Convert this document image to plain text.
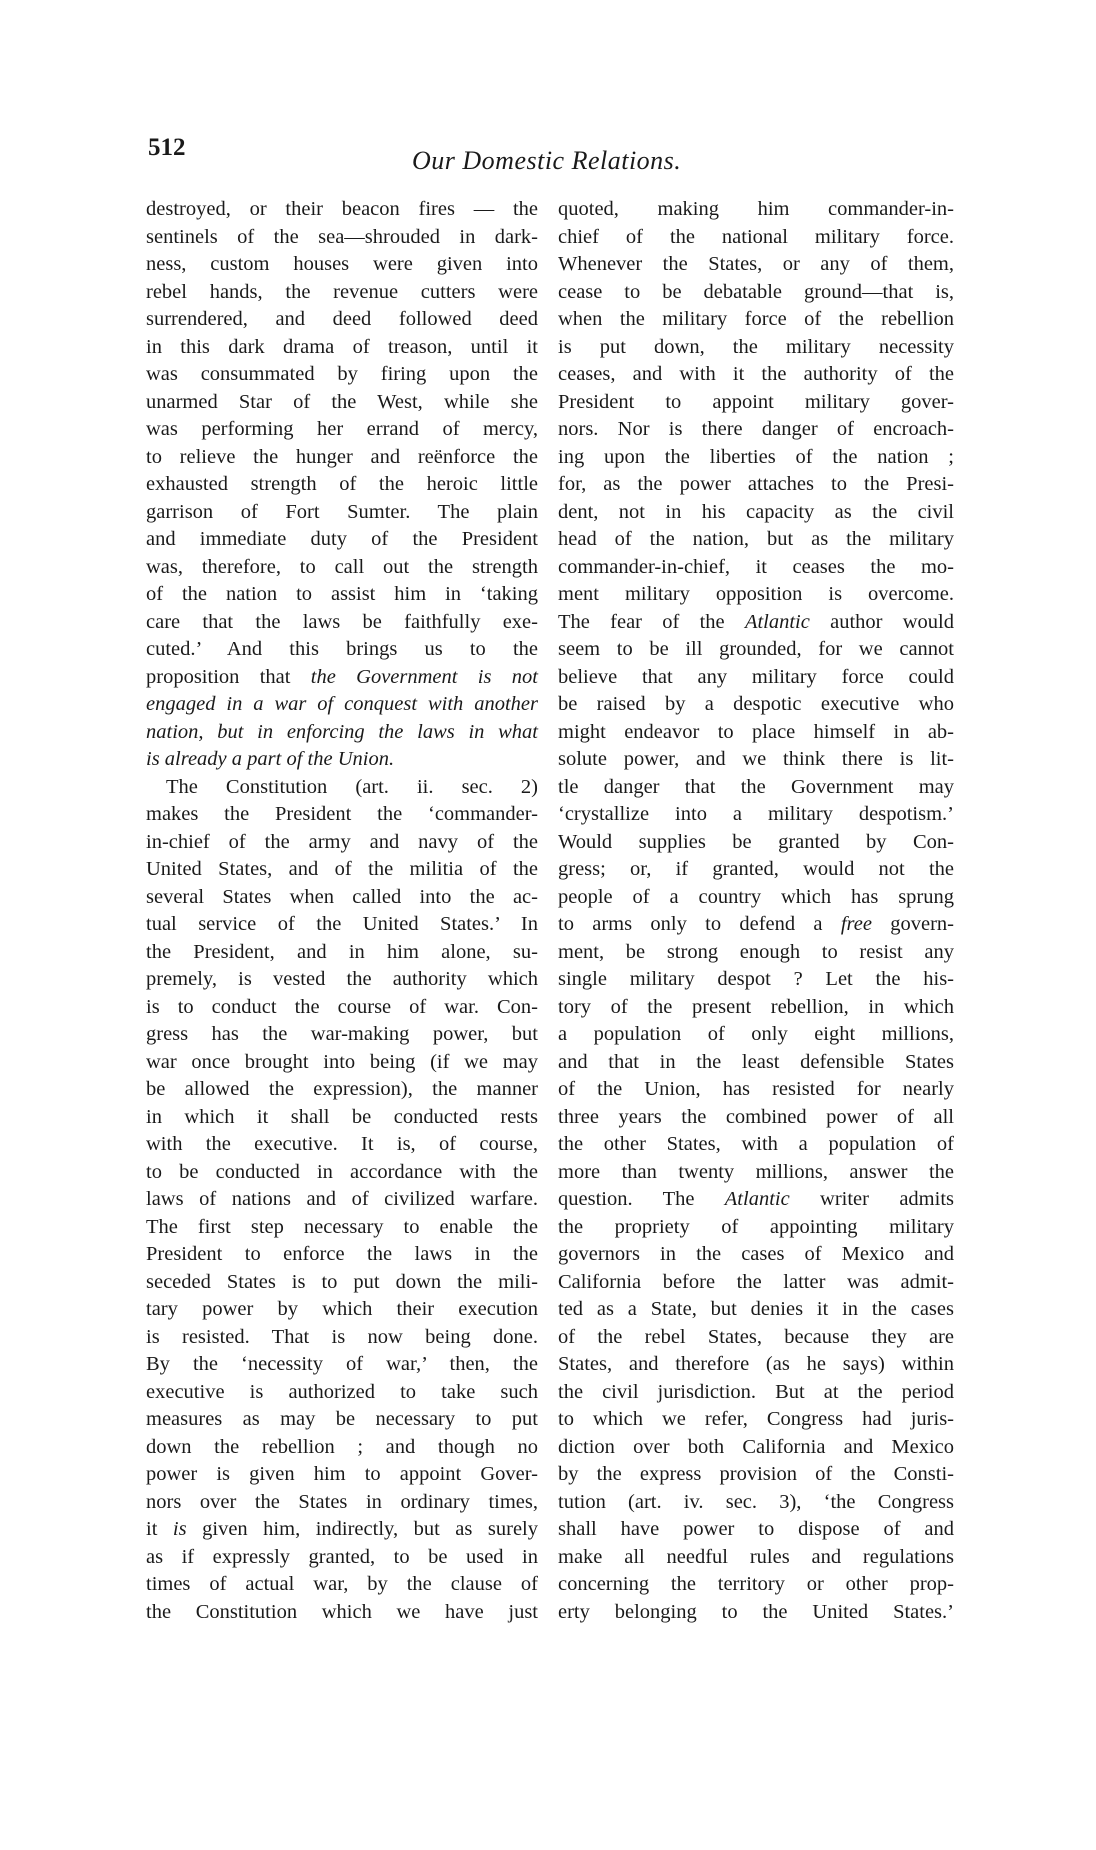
512	Our Domestic Relations.
destroyed, or their beacon fires — the
sentinels of the sea—shrouded in dark-
ness, custom houses were given into
rebel hands, the revenue cutters were
surrendered, and deed followed deed
in this dark drama of treason, until it
was consummated by firing upon the
unarmed Star of the West, while she
was performing her errand of mercy,
to relieve the hunger and reënforce the
exhausted strength of the heroic little
garrison of Fort Sumter. The plain
and immediate duty of the President
was, therefore, to call out the strength
of the nation to assist him in ‘taking
care that the laws be faithfully exe-
cuted.’ And this brings us to the
proposition that the Government is not
engaged in a war of conquest with another
nation, but in enforcing the laws in what
is already a part of the Union.
The Constitution (art. ii. sec. 2)
makes the President the ‘commander-
in-chief of the army and navy of the
United States, and of the militia of the
several States when called into the ac-
tual service of the United States.’ In
the President, and in him alone, su-
premely, is vested the authority which
is to conduct the course of war. Con-
gress has the war-making power, but
war once brought into being (if we may
be allowed the expression), the manner
in which it shall be conducted rests
with the executive. It is, of course,
to be conducted in accordance with the
laws of nations and of civilized warfare.
The first step necessary to enable the
President to enforce the laws in the
seceded States is to put down the mili-
tary power by which their execution
is resisted. That is now being done.
By the ‘necessity of war,’ then, the
executive is authorized to take such
measures as may be necessary to put
down the rebellion ; and though no
power is given him to appoint Gover-
nors over the States in ordinary times,
it is given him, indirectly, but as surely
as if expressly granted, to be used in
times of actual war, by the clause of
the Constitution which we have just
quoted, making him commander-in-
chief of the national military force.
Whenever the States, or any of them,
cease to be debatable ground—that is,
when the military force of the rebellion
is put down, the military necessity
ceases, and with it the authority of the
President to appoint military gover-
nors. Nor is there danger of encroach-
ing upon the liberties of the nation ;
for, as the power attaches to the Presi-
dent, not in his capacity as the civil
head of the nation, but as the military
commander-in-chief, it ceases the mo-
ment military opposition is overcome.
The fear of the Atlantic author would
seem to be ill grounded, for we cannot
believe that any military force could
be raised by a despotic executive who
might endeavor to place himself in ab-
solute power, and we think there is lit-
tle danger that the Government may
‘crystallize into a military despotism.’
Would supplies be granted by Con-
gress; or, if granted, would not the
people of a country which has sprung
to arms only to defend a free govern-
ment, be strong enough to resist any
single military despot ? Let the his-
tory of the present rebellion, in which
a population of only eight millions,
and that in the least defensible States
of the Union, has resisted for nearly
three years the combined power of all
the other States, with a population of
more than twenty millions, answer the
question. The Atlantic writer admits
the propriety of appointing military
governors in the cases of Mexico and
California before the latter was admit-
ted as a State, but denies it in the cases
of the rebel States, because they are
States, and therefore (as he says) within
the civil jurisdiction. But at the period
to which we refer, Congress had juris-
diction over both California and Mexico
by the express provision of the Consti-
tution (art. iv. sec. 3), ‘the Congress
shall have power to dispose of and
make all needful rules and regulations
concerning the territory or other prop-
erty belonging to the United States.’
